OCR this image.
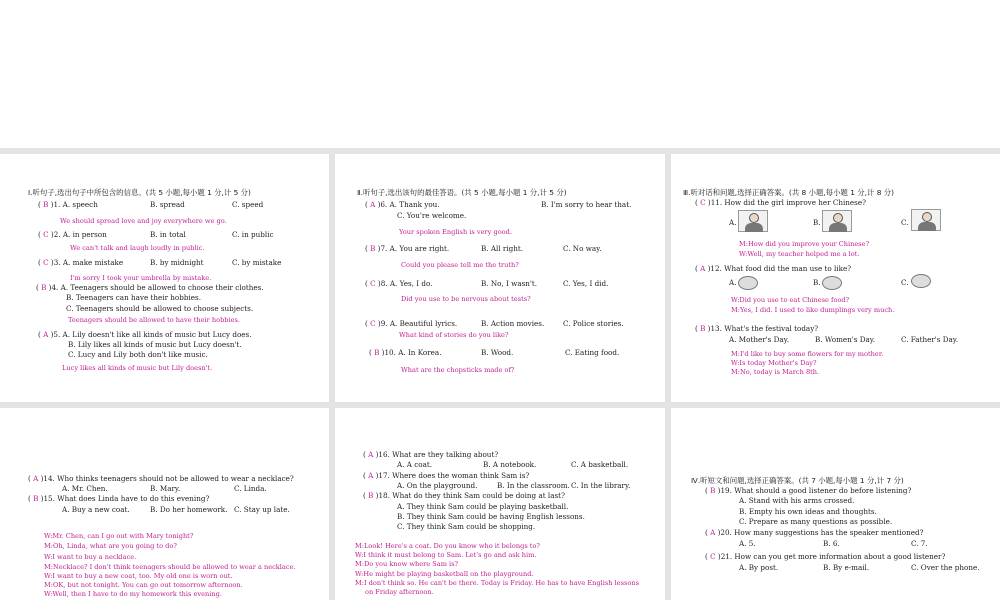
Ⅰ.听句子,选出句子中所包含的信息。(共 5 小题,每小题 1 分,计 5 分)
( B )1. A. speech	B. spread	C. speed
We should spread love and joy everywhere we go.
( C )2. A. in person	B. in total	C. in public
We can't talk and laugh loudly in public.
( C )3. A. make mistake	B. by midnight	C. by mistake
I'm sorry I took your umbrella by mistake.
( B )4. A. Teenagers should be allowed to choose their clothes.
B. Teenagers can have their hobbies.
C. Teenagers should be allowed to choose subjects.
Teenagers should be allowed to have their hobbies.
( A )5. A. Lily doesn't like all kinds of music but Lucy does.
B. Lily likes all kinds of music but Lucy doesn't.
C. Lucy and Lily both don't like music.
Lucy likes all kinds of music but Lily doesn't.
Ⅱ.听句子,选出该句的最佳答语。(共 5 小题,每小题 1 分,计 5 分)
( A )6. A. Thank you.	B. I'm sorry to hear that.
C. You're welcome.
Your spoken English is very good.
( B )7. A. You are right.	B. All right.	C. No way.
Could you please tell me the truth?
( C )8. A. Yes, I do.	B. No, I wasn't.	C. Yes, I did.
Did you use to be nervous about tests?
( C )9. A. Beautiful lyrics.	B. Action movies.	C. Police stories.
What kind of stories do you like?
( B )10. A. In Korea.	B. Wood.	C. Eating food.
What are the chopsticks made of?
Ⅲ.听对话和问题,选择正确答案。(共 8 小题,每小题 1 分,计 8 分)
( C )11. How did the girl improve her Chinese?
A.	B.	C.
M:How did you improve your Chinese?
W:Well, my teacher helped me a lot.
( A )12. What food did the man use to like?
A.	B.	C.
W:Did you use to eat Chinese food?
M:Yes, I did. I used to like dumplings very much.
( B )13. What's the festival today?
A. Mother's Day.	B. Women's Day.	C. Father's Day.
M:I'd like to buy some flowers for my mother.
W:Is today Mother's Day?
M:No, today is March 8th.
( A )14. Who thinks teenagers should not be allowed to wear a necklace?
A. Mr. Chen.	B. Mary.	C. Linda.
( B )15. What does Linda have to do this evening?
A. Buy a new coat.	B. Do her homework. C. Stay up late.
W:Mr. Chen, can I go out with Mary tonight?
M:Oh, Linda, what are you going to do?
W:I want to buy a necklace.
M:Necklace? I don't think teenagers should be allowed to wear a necklace.
W:I want to buy a new coat, too. My old one is worn out.
M:OK, but not tonight. You can go out tomorrow afternoon.
W:Well, then I have to do my homework this evening.
( A )16. What are they talking about?
A. A coat.	B. A notebook.	C. A basketball.
( A )17. Where does the woman think Sam is?
A. On the playground.	B. In the classroom. C. In the library.
( B )18. What do they think Sam could be doing at last?
A. They think Sam could be playing basketball.
B. They think Sam could be having English lessons.
C. They think Sam could be shopping.
M:Look! Here's a coat. Do you know who it belongs to?
W:I think it must belong to Sam. Let's go and ask him.
M:Do you know where Sam is?
W:He might be playing basketball on the playground.
M:I don't think so. He can't be there. Today is Friday. He has to have English lessons
on Friday afternoon.
Ⅳ.听短文和问题,选择正确答案。(共 7 小题,每小题 1 分,计 7 分)
( B )19. What should a good listener do before listening?
A. Stand with his arms crossed.
B. Empty his own ideas and thoughts.
C. Prepare as many questions as possible.
( A )20. How many suggestions has the speaker mentioned?
A. 5.	B. 6.	C. 7.
( C )21. How can you get more information about a good listener?
A. By post.	B. By e-mail.	C. Over the phone.
